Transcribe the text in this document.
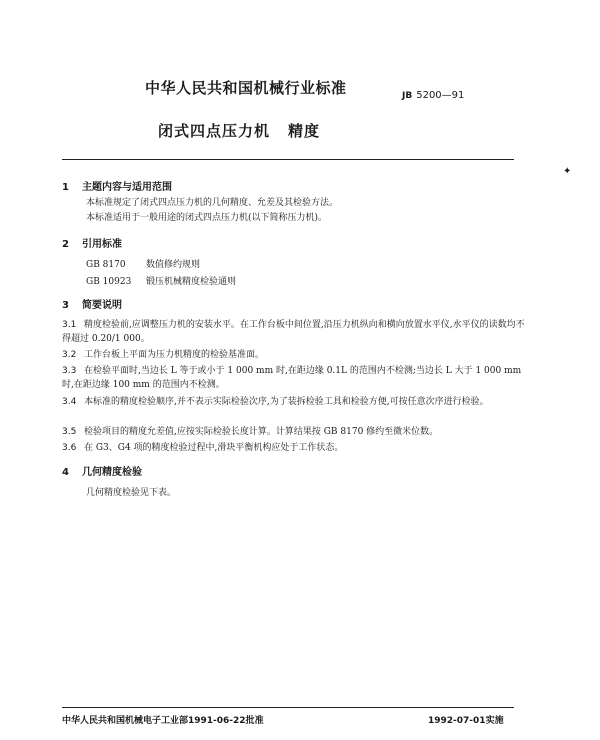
中华人民共和国机械行业标准	JB 5200—91
闭式四点压力机 精度
✦
1 主题内容与适用范围
本标准规定了闭式四点压力机的几何精度、允差及其检验方法。
本标准适用于一般用途的闭式四点压力机(以下简称压力机)。
2 引用标准
GB 8170 数值修约规则
GB 10923 锻压机械精度检验通则
3 简要说明
3.1 精度检验前,应调整压力机的安装水平。在工作台板中间位置,沿压力机纵向和横向放置水平仪,水平仪的读数均不得超过 0.20/1 000。
3.2 工作台板上平面为压力机精度的检验基准面。
3.3 在检验平面时,当边长 L 等于或小于 1 000 mm 时,在距边缘 0.1L 的范围内不检测;当边长 L 大于 1 000 mm 时,在距边缘 100 mm 的范围内不检测。
3.4 本标准的精度检验顺序,并不表示实际检验次序,为了装拆检验工具和检验方便,可按任意次序进行检验。
3.5 检验项目的精度允差值,应按实际检验长度计算。计算结果按 GB 8170 修约至微米位数。
3.6 在 G3、G4 项的精度检验过程中,滑块平衡机构应处于工作状态。
4 几何精度检验
几何精度检验见下表。
中华人民共和国机械电子工业部1991-06-22批准	1992-07-01实施
